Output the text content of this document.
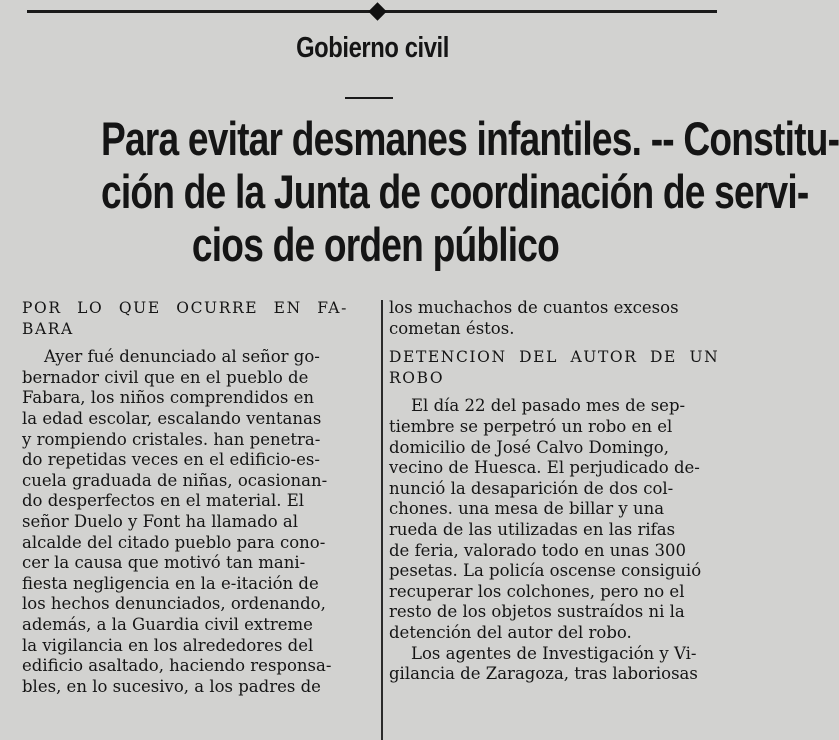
Gobierno civil
Para evitar desmanes infantiles. -- Constitu-
ción de la Junta de coordinación de servi-
cios de orden público

POR LO QUE OCURRE EN FA-
BARA

Ayer fué denunciado al señor go-
bernador civil que en el pueblo de
Fabara, los niños comprendidos en
la edad escolar, escalando ventanas
y rompiendo cristales. han penetra-
do repetidas veces en el edificio-es-
cuela graduada de niñas, ocasionan-
do desperfectos en el material. El
señor Duelo y Font ha llamado al
alcalde del citado pueblo para cono-
cer la causa que motivó tan mani-
fiesta negligencia en la e-itación de
los hechos denunciados, ordenando,
además, a la Guardia civil extreme
la vigilancia en los alrededores del
edificio asaltado, haciendo responsa-
bles, en lo sucesivo, a los padres de

los muchachos de cuantos excesos
cometan éstos.

DETENCION DEL AUTOR DE UN
ROBO

El día 22 del pasado mes de sep-
tiembre se perpetró un robo en el
domicilio de José Calvo Domingo,
vecino de Huesca. El perjudicado de-
nunció la desaparición de dos col-
chones. una mesa de billar y una
rueda de las utilizadas en las rifas
de feria, valorado todo en unas 300
pesetas. La policía oscense consiguió
recuperar los colchones, pero no el
resto de los objetos sustraídos ni la
detención del autor del robo.
Los agentes de Investigación y Vi-
gilancia de Zaragoza, tras laboriosas
